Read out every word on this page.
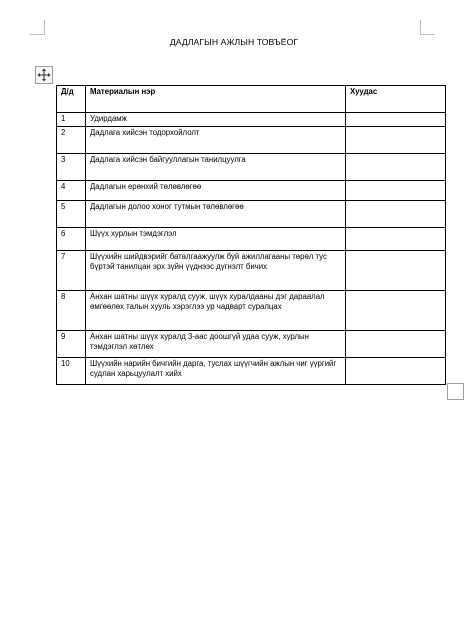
ДАДЛАГЫН АЖЛЫН ТОВЪЁОГ
Д/д	Материалын нэр	Хуудас
1	Удирдамж	
2	Дадлага хийсэн тодорхойлолт	
3	Дадлага хийсэн байгууллагын танилцуулга	
4	Дадлагын ерөнхий төлөвлөгөө	
5	Дадлагын долоо хоног тутмын төлөвлөгөө	
6	Шүүх хурлын тэмдэглэл	
7	Шүүхийн шийдвэрийг баталгаажуулж буй ажиллагааны төрөл тус бүртэй танилцан эрх зүйн үүднээс дүгнэлт бичих	
8	Анхан шатны шүүх хуралд сууж, шүүх хуралдааны дэг дараалал өмгөөлөх талын хууль хэрэглээ ур чадварт суралцах	
9	Анхан шатны шүүх хуралд 3-аас доошгүй удаа сууж, хурлын тэмдэглэл хөтлөх	
10	Шүүхийн нарийн бичгийн дарга, туслах шүүгчийн ажлын чиг үүргийг судлан харьцуулалт хийх	
